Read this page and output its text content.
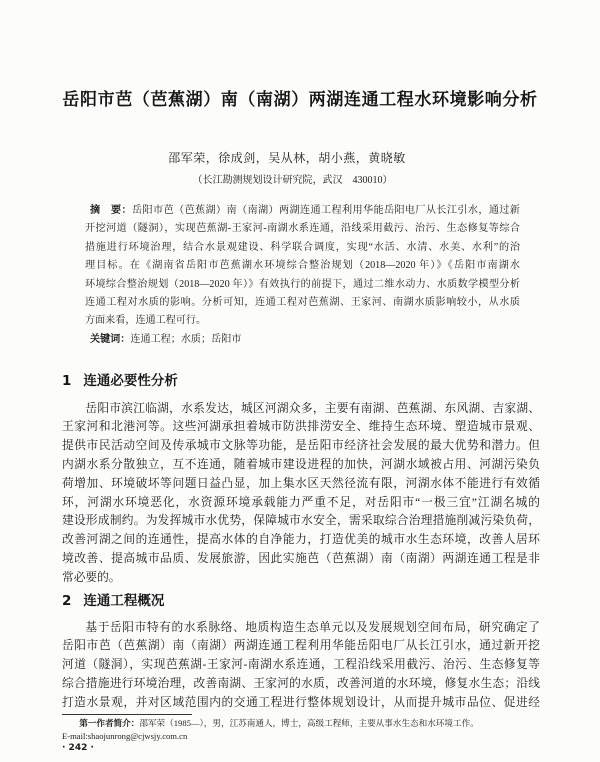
岳阳市芭（芭蕉湖）南（南湖）两湖连通工程水环境影响分析
邵军荣，徐成剑，吴从林，胡小燕，黄晓敏
（长江勘测规划设计研究院，武汉　430010）
摘　要：岳阳市芭（芭蕉湖）南（南湖）两湖连通工程利用华能岳阳电厂从长江引水，通过新
开挖河道（隧洞），实现芭蕉湖-王家河-南湖水系连通，沿线采用截污、治污、生态修复等综合
措施进行环境治理，结合水景观建设、科学联合调度，实现“水活、水清、水美、水利”的治
理目标。在《湖南省岳阳市芭蕉湖水环境综合整治规划（2018—2020 年）》《岳阳市南湖水
环境综合整治规划（2018—2020 年）》有效执行的前提下，通过二维水动力、水质数学模型分析
连通工程对水质的影响。分析可知，连通工程对芭蕉湖、王家河、南湖水质影响较小，从水质
方面来看，连通工程可行。
关键词：连通工程；水质；岳阳市
1 连通必要性分析
岳阳市滨江临湖，水系发达，城区河湖众多，主要有南湖、芭蕉湖、东风湖、吉家湖、
王家河和北港河等。这些河湖承担着城市防洪排涝安全、维持生态环境、塑造城市景观、
提供市民活动空间及传承城市文脉等功能，是岳阳市经济社会发展的最大优势和潜力。但
内湖水系分散独立，互不连通，随着城市建设进程的加快，河湖水域被占用、河湖污染负
荷增加、环境破坏等问题日益凸显，加上集水区天然径流有限，河湖水体不能进行有效循
环，河湖水环境恶化，水资源环境承载能力严重不足，对岳阳市“一极三宜”江湖名城的
建设形成制约。为发挥城市水优势，保障城市水安全，需采取综合治理措施削减污染负荷，
改善河湖之间的连通性，提高水体的自净能力，打造优美的城市水生态环境，改善人居环
境改善、提高城市品质、发展旅游，因此实施芭（芭蕉湖）南（南湖）两湖连通工程是非
常必要的。
2 连通工程概况
基于岳阳市特有的水系脉络、地质构造生态单元以及发展规划空间布局，研究确定了
岳阳市芭（芭蕉湖）南（南湖）两湖连通工程利用华能岳阳电厂从长江引水，通过新开挖
河道（隧洞），实现芭蕉湖-王家河-南湖水系连通，工程沿线采用截污、治污、生态修复等
综合措施进行环境治理，改善南湖、王家河的水质，改善河道的水环境，修复水生态；沿线
打造水景观，并对区域范围内的交通工程进行整体规划设计，从而提升城市品位、促进经
第一作者简介：邵军荣（1985—），男，江苏南通人，博士，高级工程师，主要从事水生态和水环境工作。
E-mail:shaojunrong@cjwsjy.com.cn
· 242 ·
